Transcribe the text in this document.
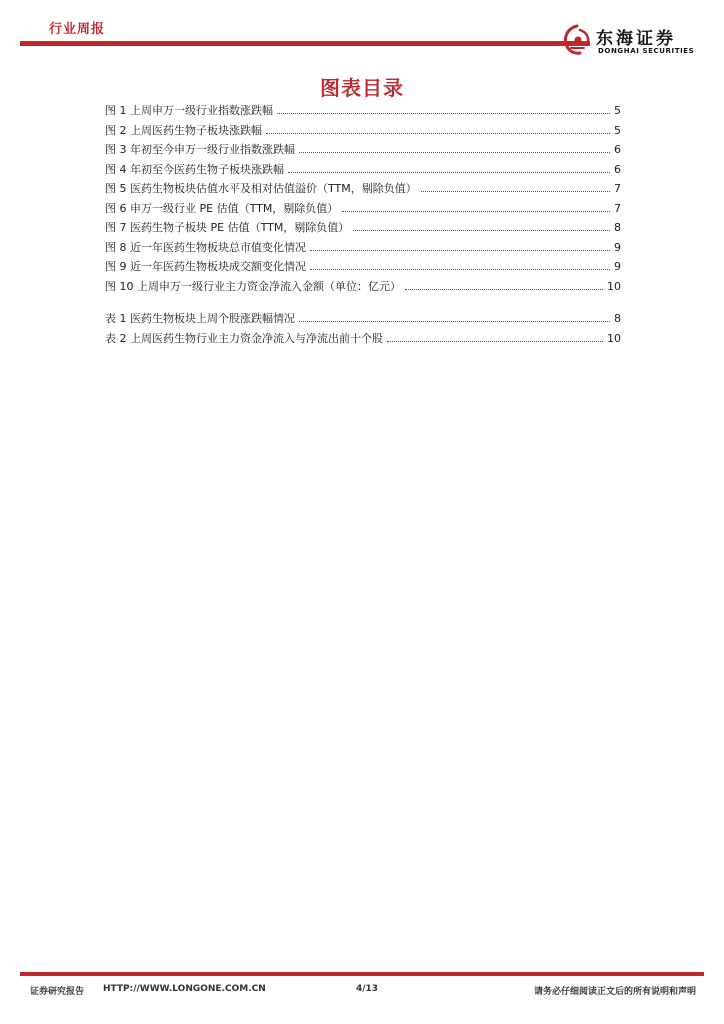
行业周报	东海证券
DONGHAI SECURITIES
图表目录
图 1 上周申万一级行业指数涨跌幅	5
图 2 上周医药生物子板块涨跌幅	5
图 3 年初至今申万一级行业指数涨跌幅	6
图 4 年初至今医药生物子板块涨跌幅	6
图 5 医药生物板块估值水平及相对估值溢价（TTM，剔除负值）	7
图 6 申万一级行业 PE 估值（TTM，剔除负值）	7
图 7 医药生物子板块 PE 估值（TTM，剔除负值）	8
图 8 近一年医药生物板块总市值变化情况	9
图 9 近一年医药生物板块成交额变化情况	9
图 10 上周申万一级行业主力资金净流入金额（单位：亿元）	10
表 1 医药生物板块上周个股涨跌幅情况	8
表 2 上周医药生物行业主力资金净流入与净流出前十个股	10
证券研究报告 HTTP://WWW.LONGONE.COM.CN	4/13	请务必仔细阅读正文后的所有说明和声明
